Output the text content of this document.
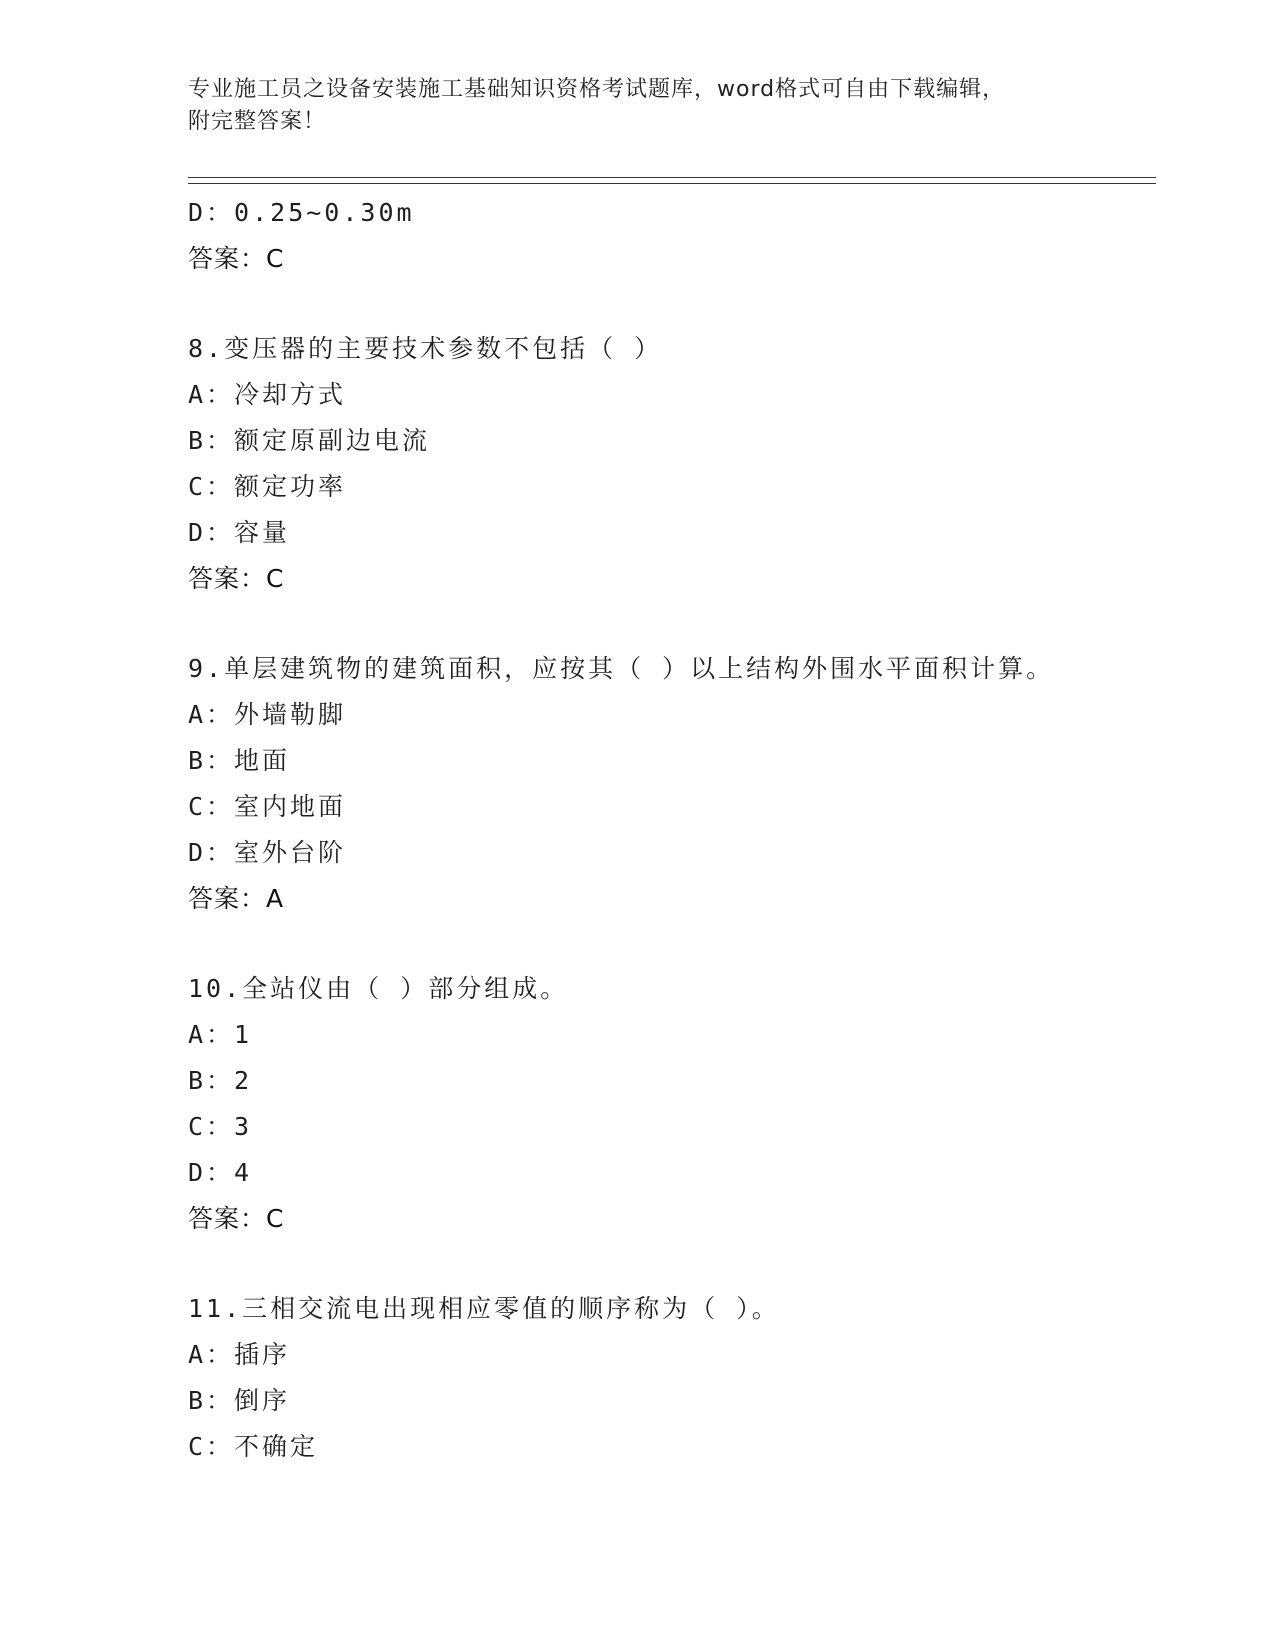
专业施工员之设备安装施工基础知识资格考试题库，word格式可自由下载编辑，
附完整答案！
D：0.25~0.30m
答案：C
8.变压器的主要技术参数不包括（ ）
A：冷却方式
B：额定原副边电流
C：额定功率
D：容量
答案：C
9.单层建筑物的建筑面积，应按其（ ）以上结构外围水平面积计算。
A：外墙勒脚
B：地面
C：室内地面
D：室外台阶
答案：A
10.全站仪由（ ）部分组成。
A：1
B：2
C：3
D：4
答案：C
11.三相交流电出现相应零值的顺序称为（ ）。
A：插序
B：倒序
C：不确定
